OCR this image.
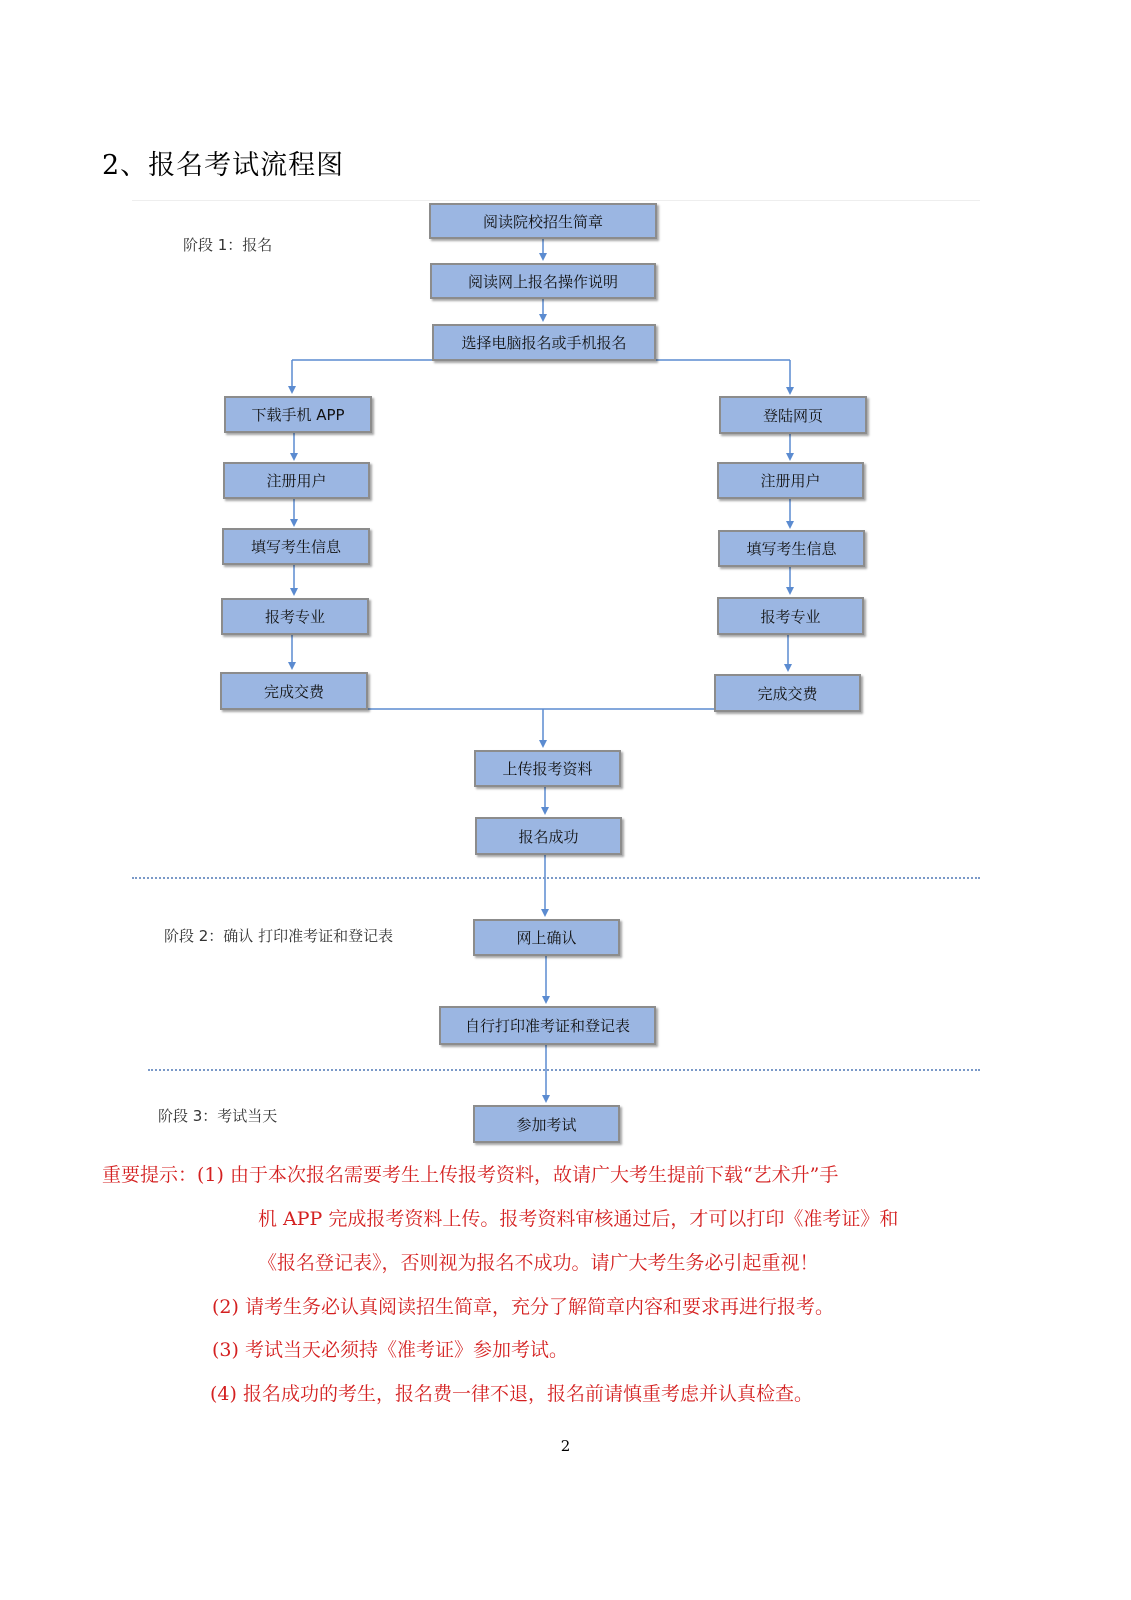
2、报名考试流程图
阶段 1：报名
阶段 2：确认 打印准考证和登记表
阶段 3：考试当天
阅读院校招生简章
阅读网上报名操作说明
选择电脑报名或手机报名
下载手机 APP
注册用户
填写考生信息
报考专业
完成交费
登陆网页
注册用户
填写考生信息
报考专业
完成交费
上传报考资料
报名成功
网上确认
自行打印准考证和登记表
参加考试
重要提示：(1) 由于本次报名需要考生上传报考资料，故请广大考生提前下载“艺术升”手
机 APP 完成报考资料上传。报考资料审核通过后，才可以打印《准考证》和
《报名登记表》，否则视为报名不成功。请广大考生务必引起重视！
(2) 请考生务必认真阅读招生简章，充分了解简章内容和要求再进行报考。
(3) 考试当天必须持《准考证》参加考试。
(4) 报名成功的考生，报名费一律不退，报名前请慎重考虑并认真检查。
2
